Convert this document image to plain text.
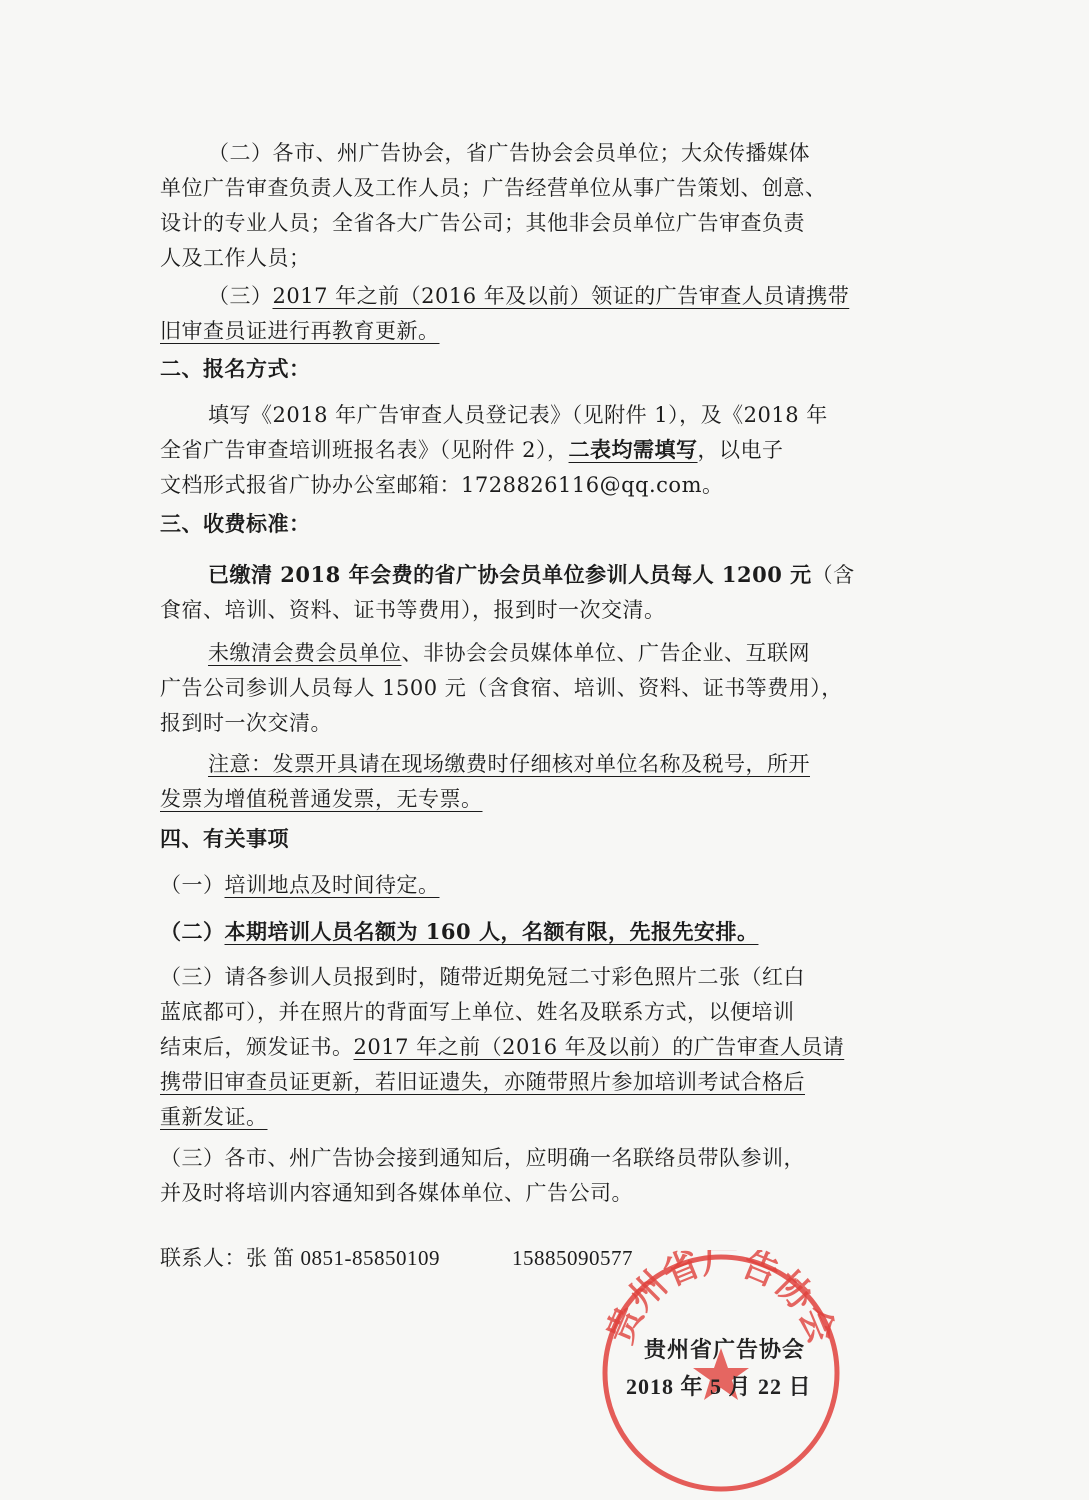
（二）各市、州广告协会，省广告协会会员单位；大众传播媒体
单位广告审查负责人及工作人员；广告经营单位从事广告策划、创意、
设计的专业人员；全省各大广告公司；其他非会员单位广告审查负责
人及工作人员；
（三）2017 年之前（2016 年及以前）领证的广告审查人员请携带
旧审查员证进行再教育更新。
二、报名方式：
填写《2018 年广告审查人员登记表》（见附件 1），及《2018 年
全省广告审查培训班报名表》（见附件 2），二表均需填写，以电子
文档形式报省广协办公室邮箱：1728826116@qq.com。
三、收费标准：
已缴清 2018 年会费的省广协会员单位参训人员每人 1200 元（含
食宿、培训、资料、证书等费用），报到时一次交清。
未缴清会费会员单位、非协会会员媒体单位、广告企业、互联网
广告公司参训人员每人 1500 元（含食宿、培训、资料、证书等费用），
报到时一次交清。
注意：发票开具请在现场缴费时仔细核对单位名称及税号，所开
发票为增值税普通发票，无专票。
四、有关事项
（一）培训地点及时间待定。
（二）本期培训人员名额为 160 人，名额有限，先报先安排。
（三）请各参训人员报到时，随带近期免冠二寸彩色照片二张（红白
蓝底都可），并在照片的背面写上单位、姓名及联系方式，以便培训
结束后，颁发证书。2017 年之前（2016 年及以前）的广告审查人员请
携带旧审查员证更新，若旧证遗失，亦随带照片参加培训考试合格后
重新发证。
（三）各市、州广告协会接到通知后，应明确一名联络员带队参训，
并及时将培训内容通知到各媒体单位、广告公司。
联系人：张 笛 0851-85850109	15885090577
贵州省广告协会
贵州省广告协会
2018 年 5 月 22 日
